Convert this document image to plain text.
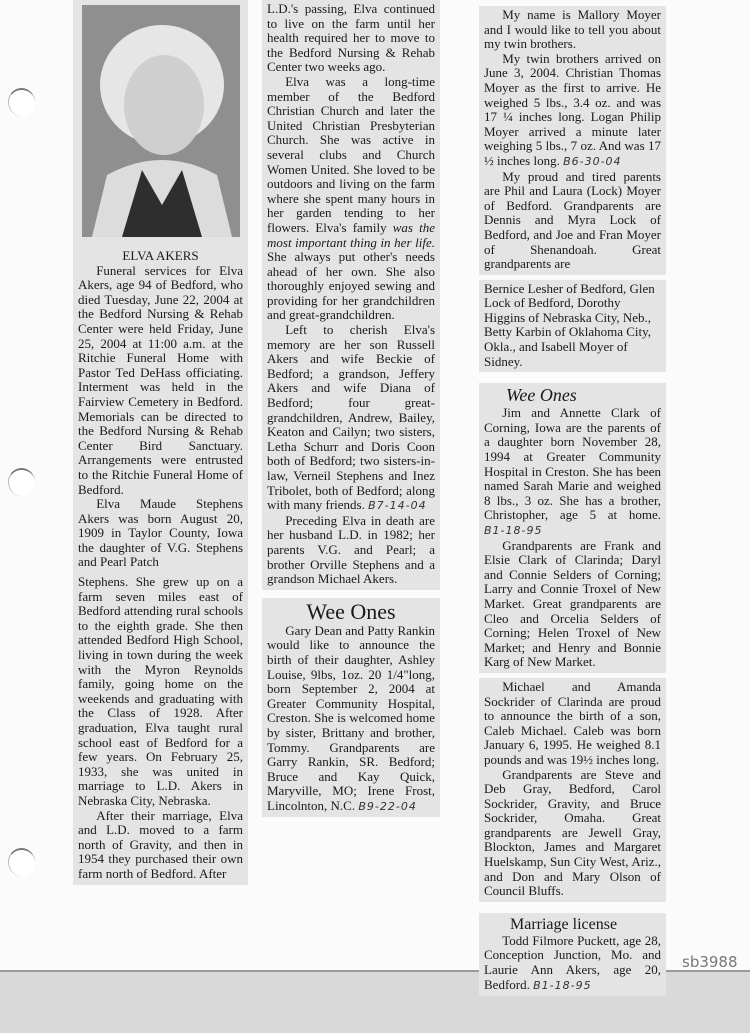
ELVA AKERS

Funeral services for Elva Akers, age 94 of Bedford, who died Tuesday, June 22, 2004 at the Bedford Nursing & Rehab Center were held Friday, June 25, 2004 at 11:00 a.m. at the Ritchie Funeral Home with Pastor Ted DeHass officiating. Interment was held in the Fairview Cemetery in Bedford. Memorials can be directed to the Bedford Nursing & Rehab Center Bird Sanctuary. Arrangements were entrusted to the Ritchie Funeral Home of Bedford.

Elva Maude Stephens Akers was born August 20, 1909 in Taylor County, Iowa the daughter of V.G. Stephens and Pearl Patch

Stephens. She grew up on a farm seven miles east of Bedford attending rural schools to the eighth grade. She then attended Bedford High School, living in town during the week with the Myron Reynolds family, going home on the weekends and graduating with the Class of 1928. After graduation, Elva taught rural school east of Bedford for a few years. On February 25, 1933, she was united in marriage to L.D. Akers in Nebraska City, Nebraska.

After their marriage, Elva and L.D. moved to a farm north of Gravity, and then in 1954 they purchased their own farm north of Bedford. After

L.D.'s passing, Elva continued to live on the farm until her health required her to move to the Bedford Nursing & Rehab Center two weeks ago.

Elva was a long-time member of the Bedford Christian Church and later the United Christian Presbyterian Church. She was active in several clubs and Church Women United. She loved to be outdoors and living on the farm where she spent many hours in her garden tending to her flowers. Elva's family was the most important thing in her life. She always put other's needs ahead of her own. She also thoroughly enjoyed sewing and providing for her grandchildren and great-grandchildren.

Left to cherish Elva's memory are her son Russell Akers and wife Beckie of Bedford; a grandson, Jeffery Akers and wife Diana of Bedford; four great-grandchildren, Andrew, Bailey, Keaton and Cailyn; two sisters, Letha Schurr and Doris Coon both of Bedford; two sisters-in-law, Verneil Stephens and Inez Tribolet, both of Bedford; along with many friends. B7-14-04

Preceding Elva in death are her husband L.D. in 1982; her parents V.G. and Pearl; a brother Orville Stephens and a grandson Michael Akers.

Wee Ones

Gary Dean and Patty Rankin would like to announce the birth of their daughter, Ashley Louise, 9lbs, 1oz. 20 1/4"long, born September 2, 2004 at Greater Community Hospital, Creston. She is welcomed home by sister, Brittany and brother, Tommy. Grandparents are Garry Rankin, SR. Bedford; Bruce and Kay Quick, Maryville, MO; Irene Frost, Lincolnton, N.C. B9-22-04

My name is Mallory Moyer and I would like to tell you about my twin brothers.

My twin brothers arrived on June 3, 2004. Christian Thomas Moyer as the first to arrive. He weighed 5 lbs., 3.4 oz. and was 17 ¼ inches long. Logan Philip Moyer arrived a minute later weighing 5 lbs., 7 oz. And was 17 ½ inches long. B6-30-04

My proud and tired parents are Phil and Laura (Lock) Moyer of Bedford. Grandparents are Dennis and Myra Lock of Bedford, and Joe and Fran Moyer of Shenandoah. Great grandparents are

Bernice Lesher of Bedford, Glen Lock of Bedford, Dorothy Higgins of Nebraska City, Neb., Betty Karbin of Oklahoma City, Okla., and Isabell Moyer of Sidney.

Wee Ones

Jim and Annette Clark of Corning, Iowa are the parents of a daughter born November 28, 1994 at Greater Community Hospital in Creston. She has been named Sarah Marie and weighed 8 lbs., 3 oz. She has a brother, Christopher, age 5 at home. B1-18-95

Grandparents are Frank and Elsie Clark of Clarinda; Daryl and Connie Selders of Corning; Larry and Connie Troxel of New Market. Great grandparents are Cleo and Orcelia Selders of Corning; Helen Troxel of New Market; and Henry and Bonnie Karg of New Market.

Michael and Amanda Sockrider of Clarinda are proud to announce the birth of a son, Caleb Michael. Caleb was born January 6, 1995. He weighed 8.1 pounds and was 19½ inches long.

Grandparents are Steve and Deb Gray, Bedford, Carol Sockrider, Gravity, and Bruce Sockrider, Omaha. Great grandparents are Jewell Gray, Blockton, James and Margaret Huelskamp, Sun City West, Ariz., and Don and Mary Olson of Council Bluffs.

Marriage license

Todd Filmore Puckett, age 28, Conception Junction, Mo. and Laurie Ann Akers, age 20, Bedford. B1-18-95

sb3988
